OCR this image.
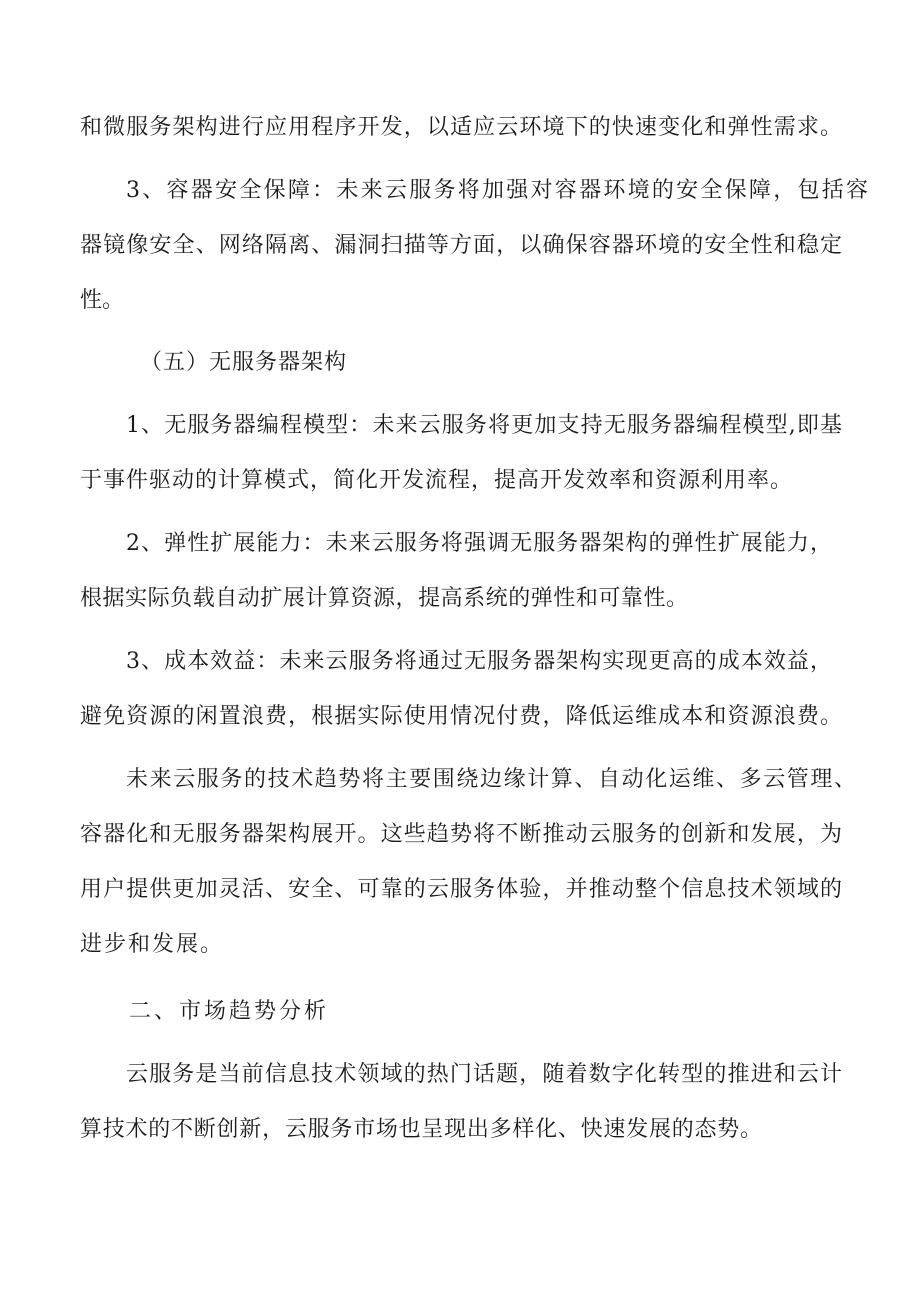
和微服务架构进行应用程序开发，以适应云环境下的快速变化和弹性需求。

3、容器安全保障：未来云服务将加强对容器环境的安全保障，包括容

器镜像安全、网络隔离、漏洞扫描等方面，以确保容器环境的安全性和稳定

性。

（五）无服务器架构

1、无服务器编程模型：未来云服务将更加支持无服务器编程模型,即基

于事件驱动的计算模式，简化开发流程，提高开发效率和资源利用率。

2、弹性扩展能力：未来云服务将强调无服务器架构的弹性扩展能力，

根据实际负载自动扩展计算资源，提高系统的弹性和可靠性。

3、成本效益：未来云服务将通过无服务器架构实现更高的成本效益，

避免资源的闲置浪费，根据实际使用情况付费，降低运维成本和资源浪费。

未来云服务的技术趋势将主要围绕边缘计算、自动化运维、多云管理、

容器化和无服务器架构展开。这些趋势将不断推动云服务的创新和发展，为

用户提供更加灵活、安全、可靠的云服务体验，并推动整个信息技术领域的

进步和发展。

二、市场趋势分析

云服务是当前信息技术领域的热门话题，随着数字化转型的推进和云计

算技术的不断创新，云服务市场也呈现出多样化、快速发展的态势。
